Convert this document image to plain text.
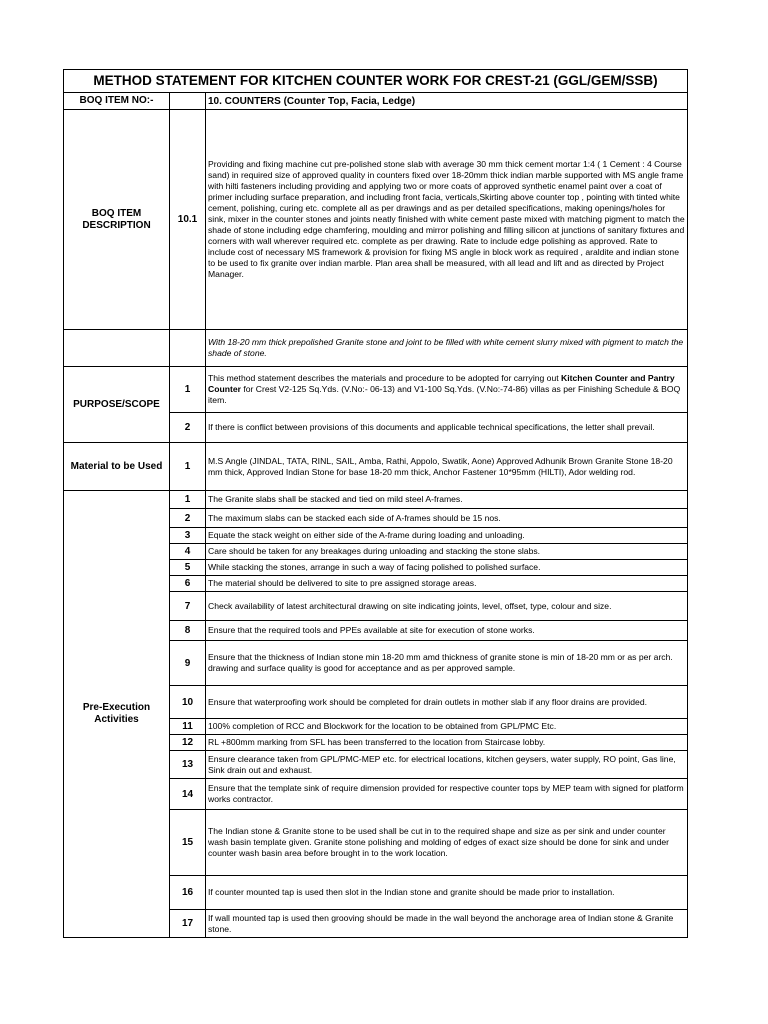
METHOD STATEMENT FOR KITCHEN COUNTER WORK FOR CREST-21 (GGL/GEM/SSB)		
BOQ ITEM NO:-		10. COUNTERS (Counter Top, Facia, Ledge)
BOQ ITEM DESCRIPTION	10.1	Providing and fixing machine cut pre-polished stone slab with average 30 mm thick cement mortar 1:4 ( 1 Cement : 4 Course sand) in required size of approved quality in counters fixed over 18-20mm thick indian marble supported with MS angle frame with hilti fasteners including providing and applying two or more coats of approved synthetic enamel paint over a coat of primer including surface preparation, and including front facia, verticals,Skirting above counter top , pointing with tinted white cement, polishing, curing etc. complete all as per drawings and as per detailed specifications, making openings/holes for sink, mixer in the counter stones and joints neatly finished with white cement paste mixed with matching pigment to match the shade of stone including edge chamfering, moulding and mirror polishing and filling silicon at junctions of sanitary fixtures and corners with wall wherever required etc. complete as per drawing. Rate to include edge polishing as approved. Rate to include cost of necessary MS framework & provision for fixing MS angle in block work as required , araldite and indian stone to be used to fix granite over indian marble. Plan area shall be measured, with all lead and lift and as directed by Project Manager.
		With 18-20 mm thick prepolished Granite stone and joint to be filled with white cement slurry mixed with pigment to match the shade of stone.
PURPOSE/SCOPE	1	This method statement describes the materials and procedure to be adopted for carrying out Kitchen Counter and Pantry Counter for Crest V2-125 Sq.Yds. (V.No:- 06-13) and V1-100 Sq.Yds. (V.No:-74-86) villas as per Finishing Schedule & BOQ item.
	2	If there is conflict between provisions of this documents and applicable technical specifications, the letter shall prevail.
Material to be Used	1	M.S Angle (JINDAL, TATA, RINL, SAIL, Amba, Rathi, Appolo, Swatik, Aone) Approved Adhunik Brown Granite Stone 18-20 mm thick, Approved Indian Stone for base 18-20 mm thick, Anchor Fastener 10*95mm (HILTI), Ador welding rod.
Pre-Execution Activities	1	The Granite slabs shall be stacked and tied on mild steel A-frames.
	2	The maximum slabs can be stacked each side of A-frames should be 15 nos.
	3	Equate the stack weight on either side of the A-frame during loading and unloading.
	4	Care should be taken for any breakages during unloading and stacking the stone slabs.
	5	While stacking the stones, arrange in such a way of facing polished to polished surface.
	6	The material should be delivered to site to pre assigned storage areas.
	7	Check availability of latest architectural drawing on site indicating joints, level, offset, type, colour and size.
	8	Ensure that the required tools and PPEs available at site for execution of stone works.
	9	Ensure that the thickness of Indian stone min 18-20 mm amd thickness of granite stone is min of 18-20 mm or as per arch. drawing and surface quality is good for acceptance and as per approved sample.
	10	Ensure that waterproofing work should be completed for drain outlets in mother slab if any floor drains are provided.
	11	100% completion of RCC and Blockwork for the location to be obtained from GPL/PMC Etc.
	12	RL +800mm marking from SFL has been transferred to the location from Staircase lobby.
	13	Ensure clearance taken from GPL/PMC-MEP etc. for electrical locations, kitchen geysers, water supply, RO point, Gas line, Sink drain out and exhaust.
	14	Ensure that the template sink of require dimension provided for respective counter tops by MEP team with signed for platform works contractor.
	15	The Indian stone & Granite stone to be used shall be cut in to the required shape and size as per sink and under counter wash basin template given. Granite stone polishing and molding of edges of exact size should be done for sink and under counter wash basin area before brought in to the work location.
	16	If counter mounted tap is used then slot in the Indian stone and granite should be made prior to installation.
	17	If wall mounted tap is used then grooving should be made in the wall beyond the anchorage area of Indian stone & Granite stone.
